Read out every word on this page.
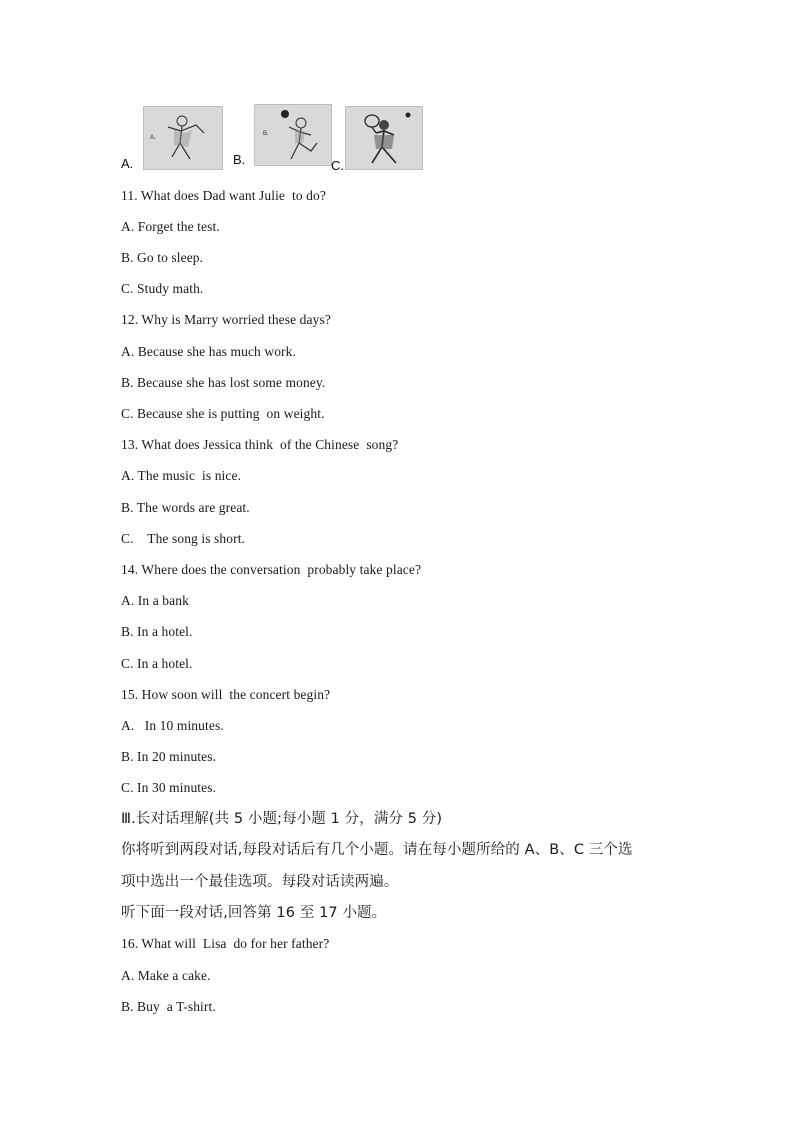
A.
A.
B.
B.
C.
11. What does Dad want Julie  to do?
A. Forget the test.
B. Go to sleep.
C. Study math.
12. Why is Marry worried these days?
A. Because she has much work.
B. Because she has lost some money.
C. Because she is putting  on weight.
13. What does Jessica think  of the Chinese  song?
A. The music  is nice.
B. The words are great.
C.    The song is short.
14. Where does the conversation  probably take place?
A. In a bank
B. In a hotel.
C. In a hotel.
15. How soon will  the concert begin?
A.   In 10 minutes.
B. In 20 minutes.
C. In 30 minutes.
Ⅲ.长对话理解(共 5 小题;每小题 1 分，满分 5 分)
你将听到两段对话,每段对话后有几个小题。请在每小题所给的 A、B、C 三个选
项中选出一个最佳选项。每段对话读两遍。
听下面一段对话,回答第 16 至 17 小题。
16. What will  Lisa  do for her father?
A. Make a cake.
B. Buy  a T-shirt.
